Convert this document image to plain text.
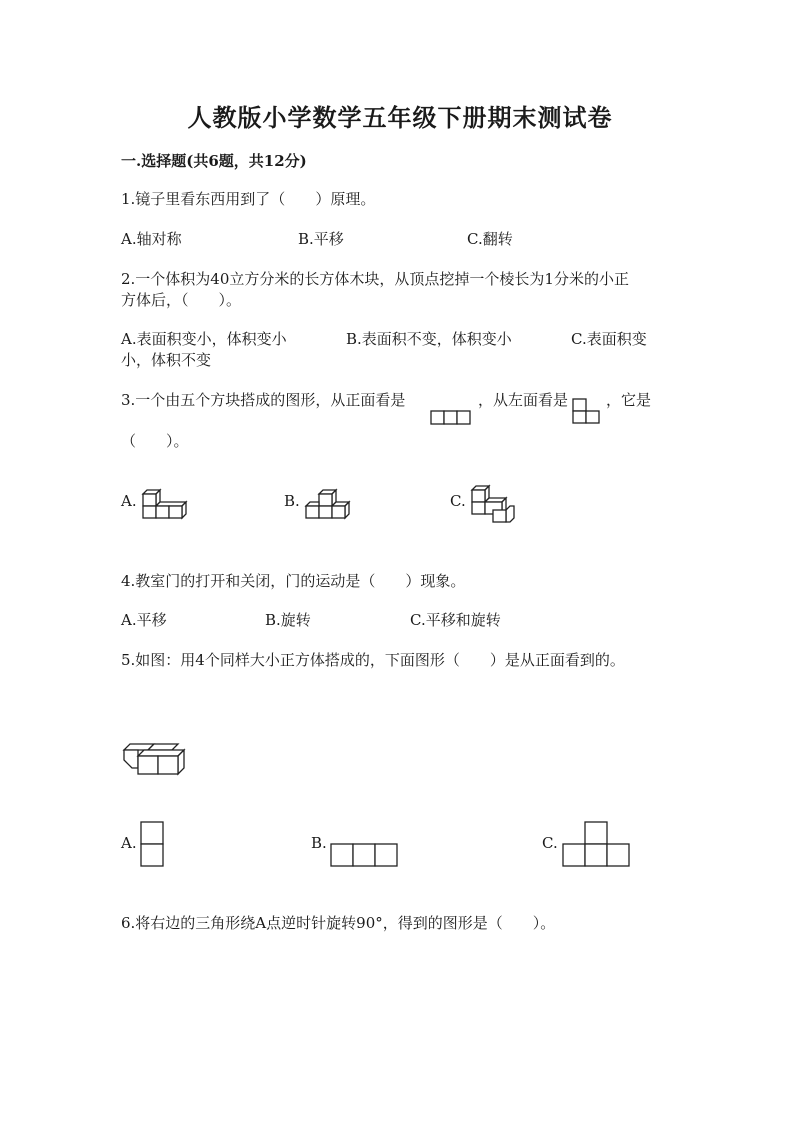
人教版小学数学五年级下册期末测试卷
一.选择题(共6题，共12分)
1.镜子里看东西用到了（　　）原理。
A.轴对称	B.平移	C.翻转
2.一个体积为40立方分米的长方体木块，从顶点挖掉一个棱长为1分米的小正
方体后，（　　）。
A.表面积变小，体积变小	B.表面积不变，体积变小	C.表面积变
小，体积不变
3.一个由五个方块搭成的图形，从正面看是	，从左面看是	，它是
（　　）。
A.	B.	C.
4.教室门的打开和关闭，门的运动是（　　）现象。
A.平移	B.旋转	C.平移和旋转
5.如图：用4个同样大小正方体搭成的，下面图形（　　）是从正面看到的。
A.	B.	C.
6.将右边的三角形绕A点逆时针旋转90°，得到的图形是（　　）。
